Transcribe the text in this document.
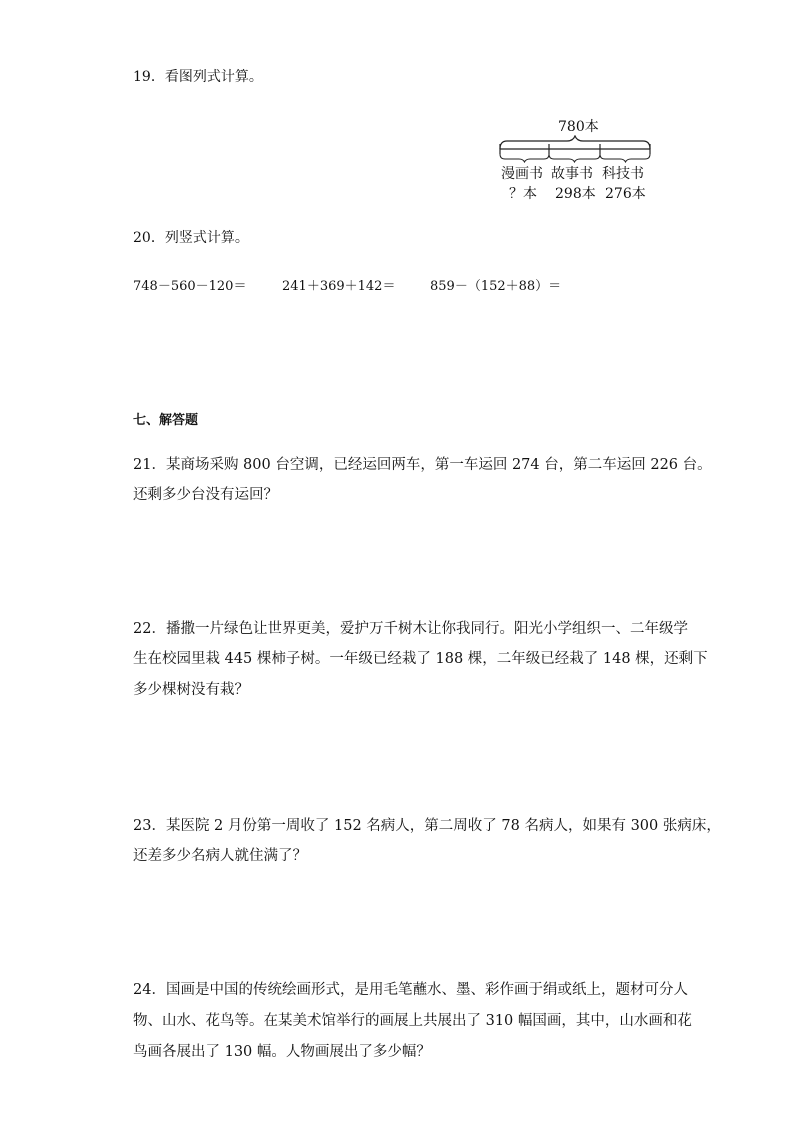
19．看图列式计算。
780本
漫画书 故事书 科技书
？本 298本 276本
20．列竖式计算。
748－560－120＝	241＋369＋142＝	859－（152＋88）＝
七、解答题
21．某商场采购 800 台空调，已经运回两车，第一车运回 274 台，第二车运回 226 台。
还剩多少台没有运回？
22．播撒一片绿色让世界更美，爱护万千树木让你我同行。阳光小学组织一、二年级学
生在校园里栽 445 棵柿子树。一年级已经栽了 188 棵，二年级已经栽了 148 棵，还剩下
多少棵树没有栽？
23．某医院 2 月份第一周收了 152 名病人，第二周收了 78 名病人，如果有 300 张病床，
还差多少名病人就住满了？
24．国画是中国的传统绘画形式，是用毛笔蘸水、墨、彩作画于绢或纸上，题材可分人
物、山水、花鸟等。在某美术馆举行的画展上共展出了 310 幅国画，其中，山水画和花
鸟画各展出了 130 幅。人物画展出了多少幅？
